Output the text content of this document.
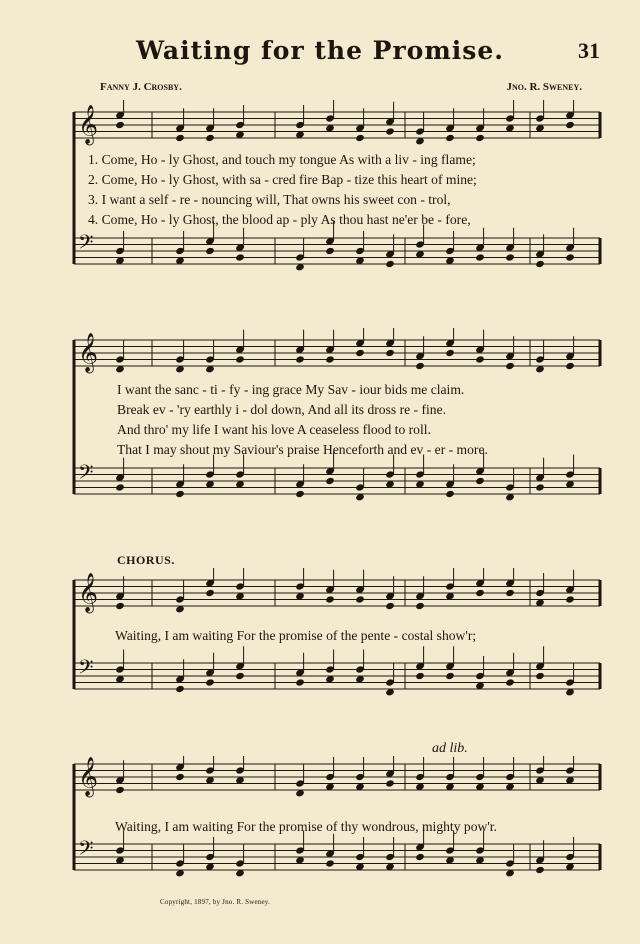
Waiting for the Promise.	31
Fanny J. Crosby.	Jno. R. Sweney.
𝄞
𝄢
1. Come, Ho - ly Ghost, and touch my tongue As with a liv - ing flame;
2. Come, Ho - ly Ghost, with sa - cred fire Bap - tize this heart of mine;
3. I want a self - re - nouncing will, That owns his sweet con - trol,
4. Come, Ho - ly Ghost, the blood ap - ply As thou hast ne'er be - fore,
𝄞
𝄢
I want the sanc - ti - fy - ing grace My Sav - iour bids me claim.
Break ev - 'ry earthly i - dol down, And all its dross re - fine.
And thro' my life I want his love A ceaseless flood to roll.
That I may shout my Saviour's praise Henceforth and ev - er - more.
CHORUS.
𝄞
𝄢
Waiting, I am waiting For the promise of the pente - costal show'r;
ad lib.
𝄞
𝄢
Waiting, I am waiting For the promise of thy wondrous, mighty pow'r.
Copyright, 1897, by Jno. R. Sweney.
